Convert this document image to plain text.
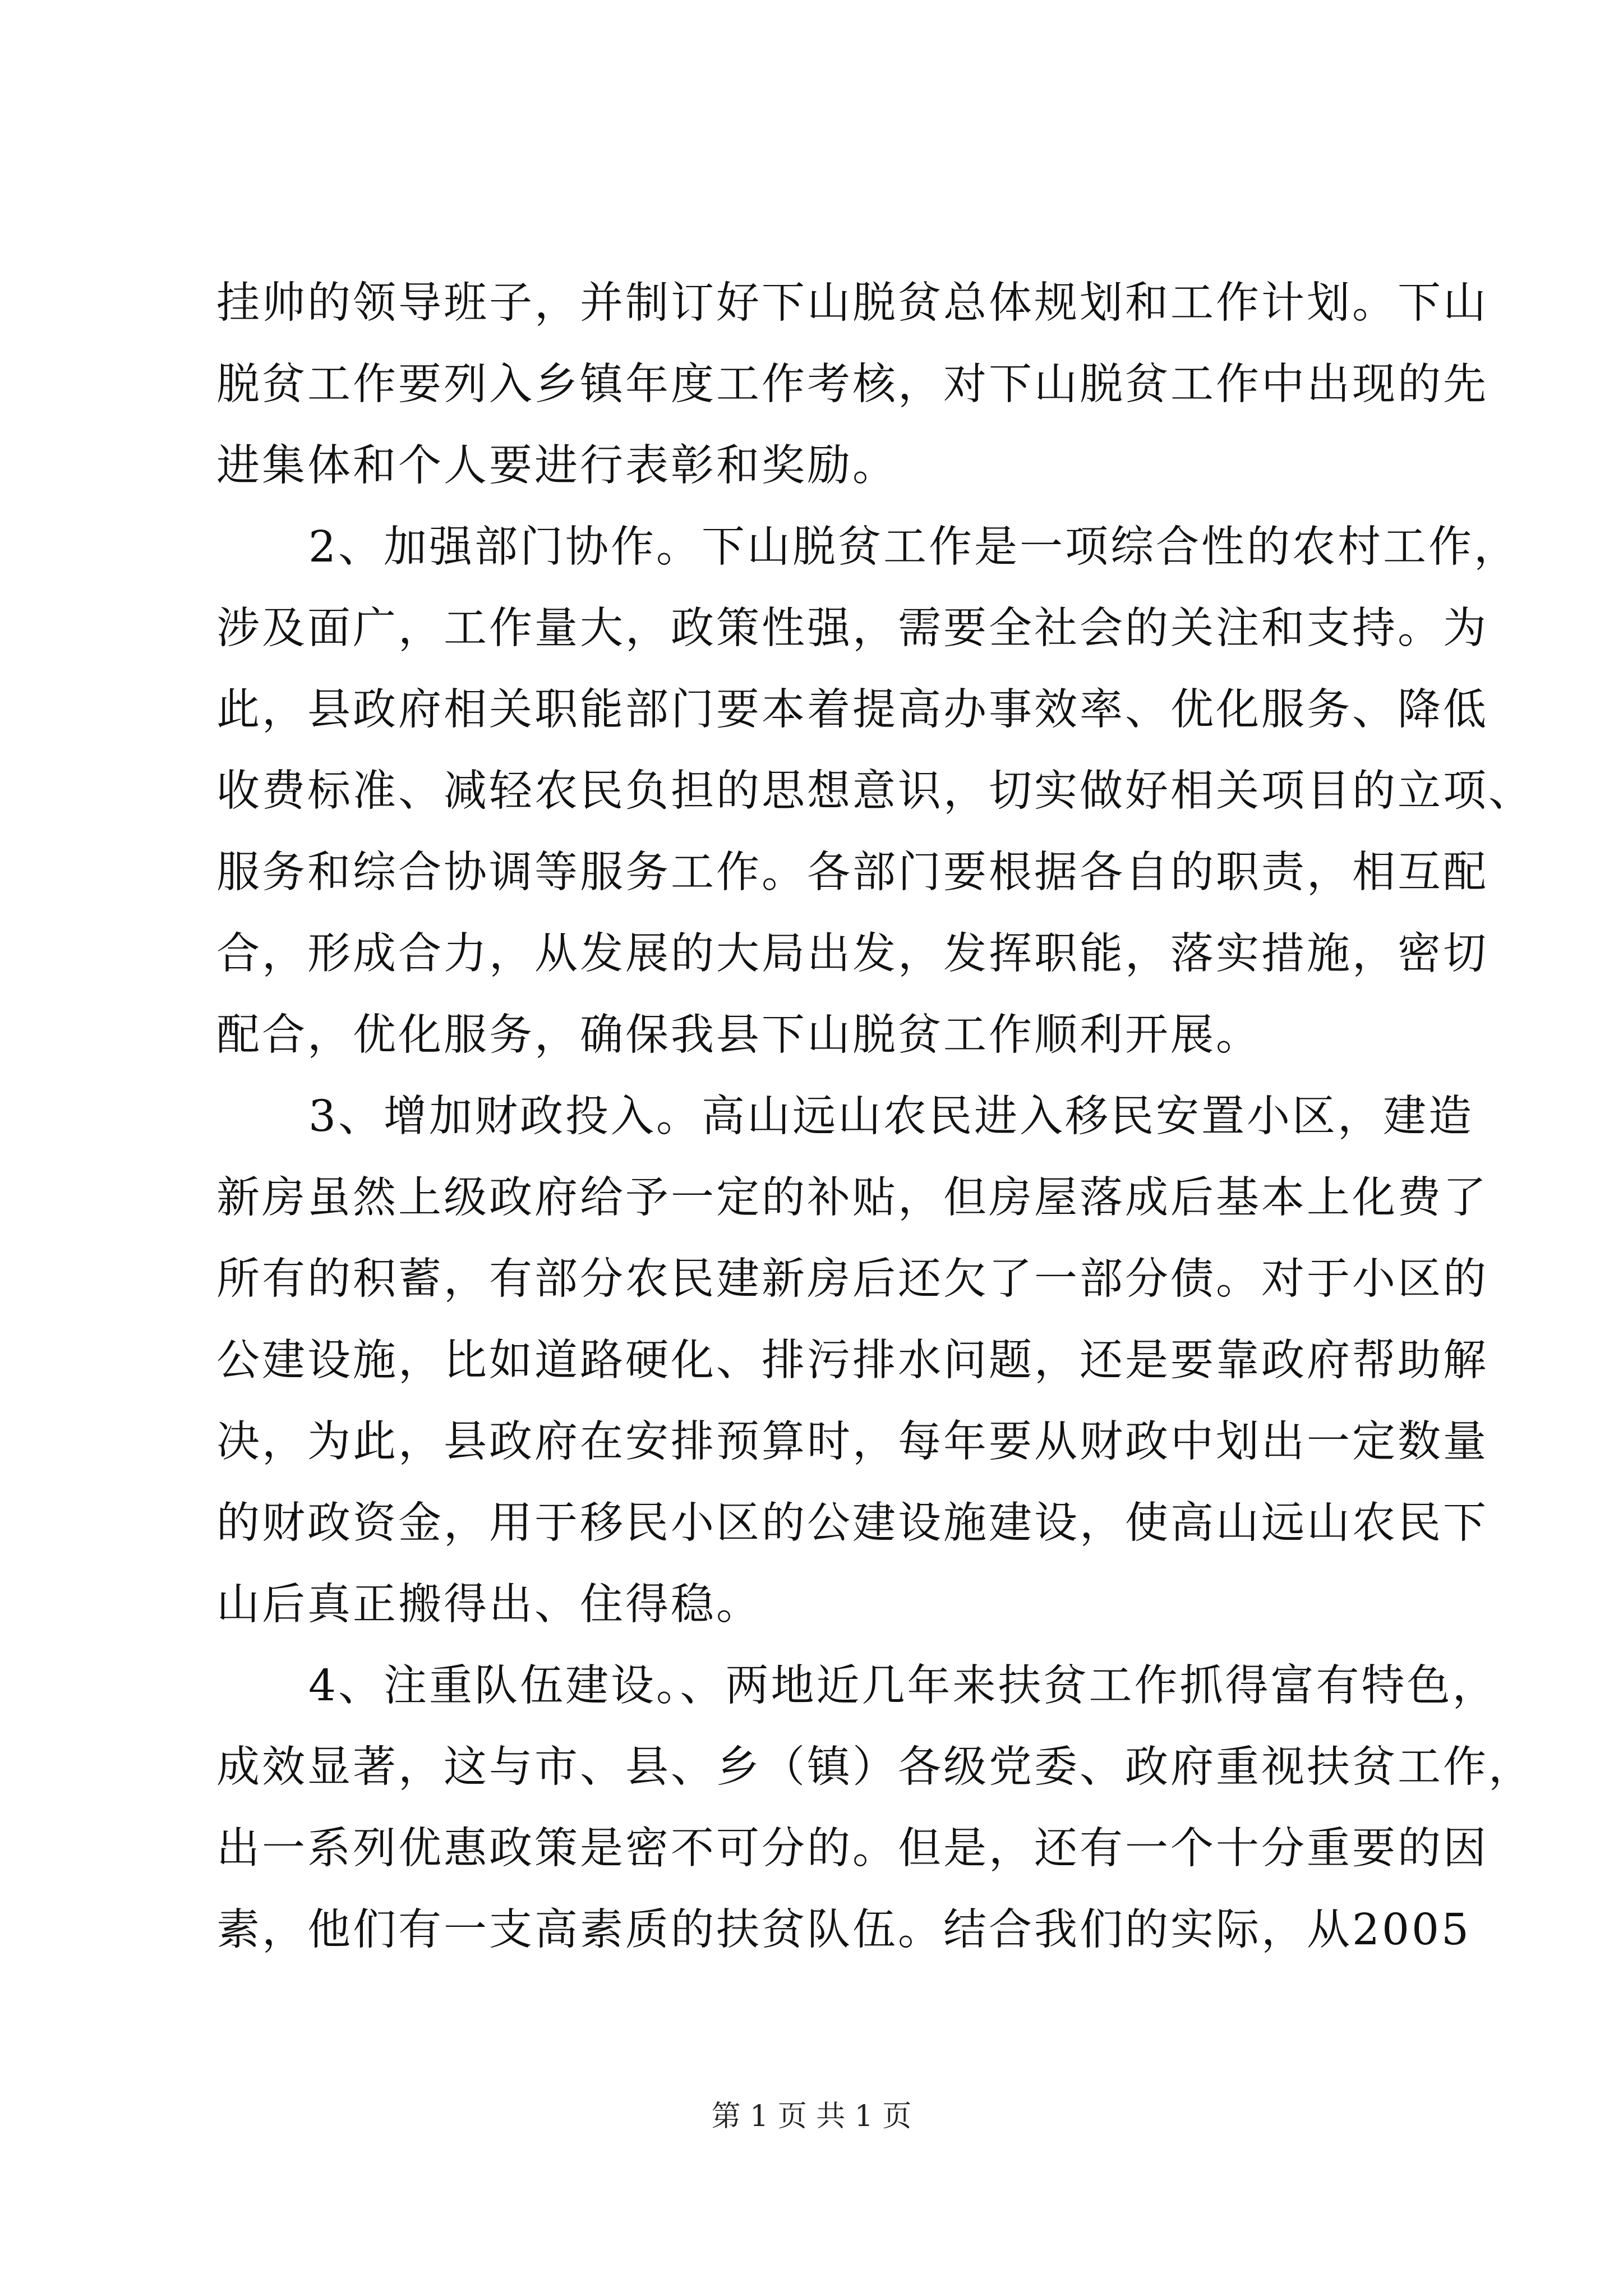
挂帅的领导班子，并制订好下山脱贫总体规划和工作计划。下山
脱贫工作要列入乡镇年度工作考核，对下山脱贫工作中出现的先
进集体和个人要进行表彰和奖励。
2、加强部门协作。下山脱贫工作是一项综合性的农村工作，
涉及面广，工作量大，政策性强，需要全社会的关注和支持。为
此，县政府相关职能部门要本着提高办事效率、优化服务、降低
收费标准、减轻农民负担的思想意识，切实做好相关项目的立项、
服务和综合协调等服务工作。各部门要根据各自的职责，相互配
合，形成合力，从发展的大局出发，发挥职能，落实措施，密切
配合，优化服务，确保我县下山脱贫工作顺利开展。
3、增加财政投入。高山远山农民进入移民安置小区，建造
新房虽然上级政府给予一定的补贴，但房屋落成后基本上化费了
所有的积蓄，有部分农民建新房后还欠了一部分债。对于小区的
公建设施，比如道路硬化、排污排水问题，还是要靠政府帮助解
决，为此，县政府在安排预算时，每年要从财政中划出一定数量
的财政资金，用于移民小区的公建设施建设，使高山远山农民下
山后真正搬得出、住得稳。
4、注重队伍建设。、两地近几年来扶贫工作抓得富有特色，
成效显著，这与市、县、乡（镇）各级党委、政府重视扶贫工作，
出一系列优惠政策是密不可分的。但是，还有一个十分重要的因
素，他们有一支高素质的扶贫队伍。结合我们的实际，从2005
第 1 页 共 1 页
